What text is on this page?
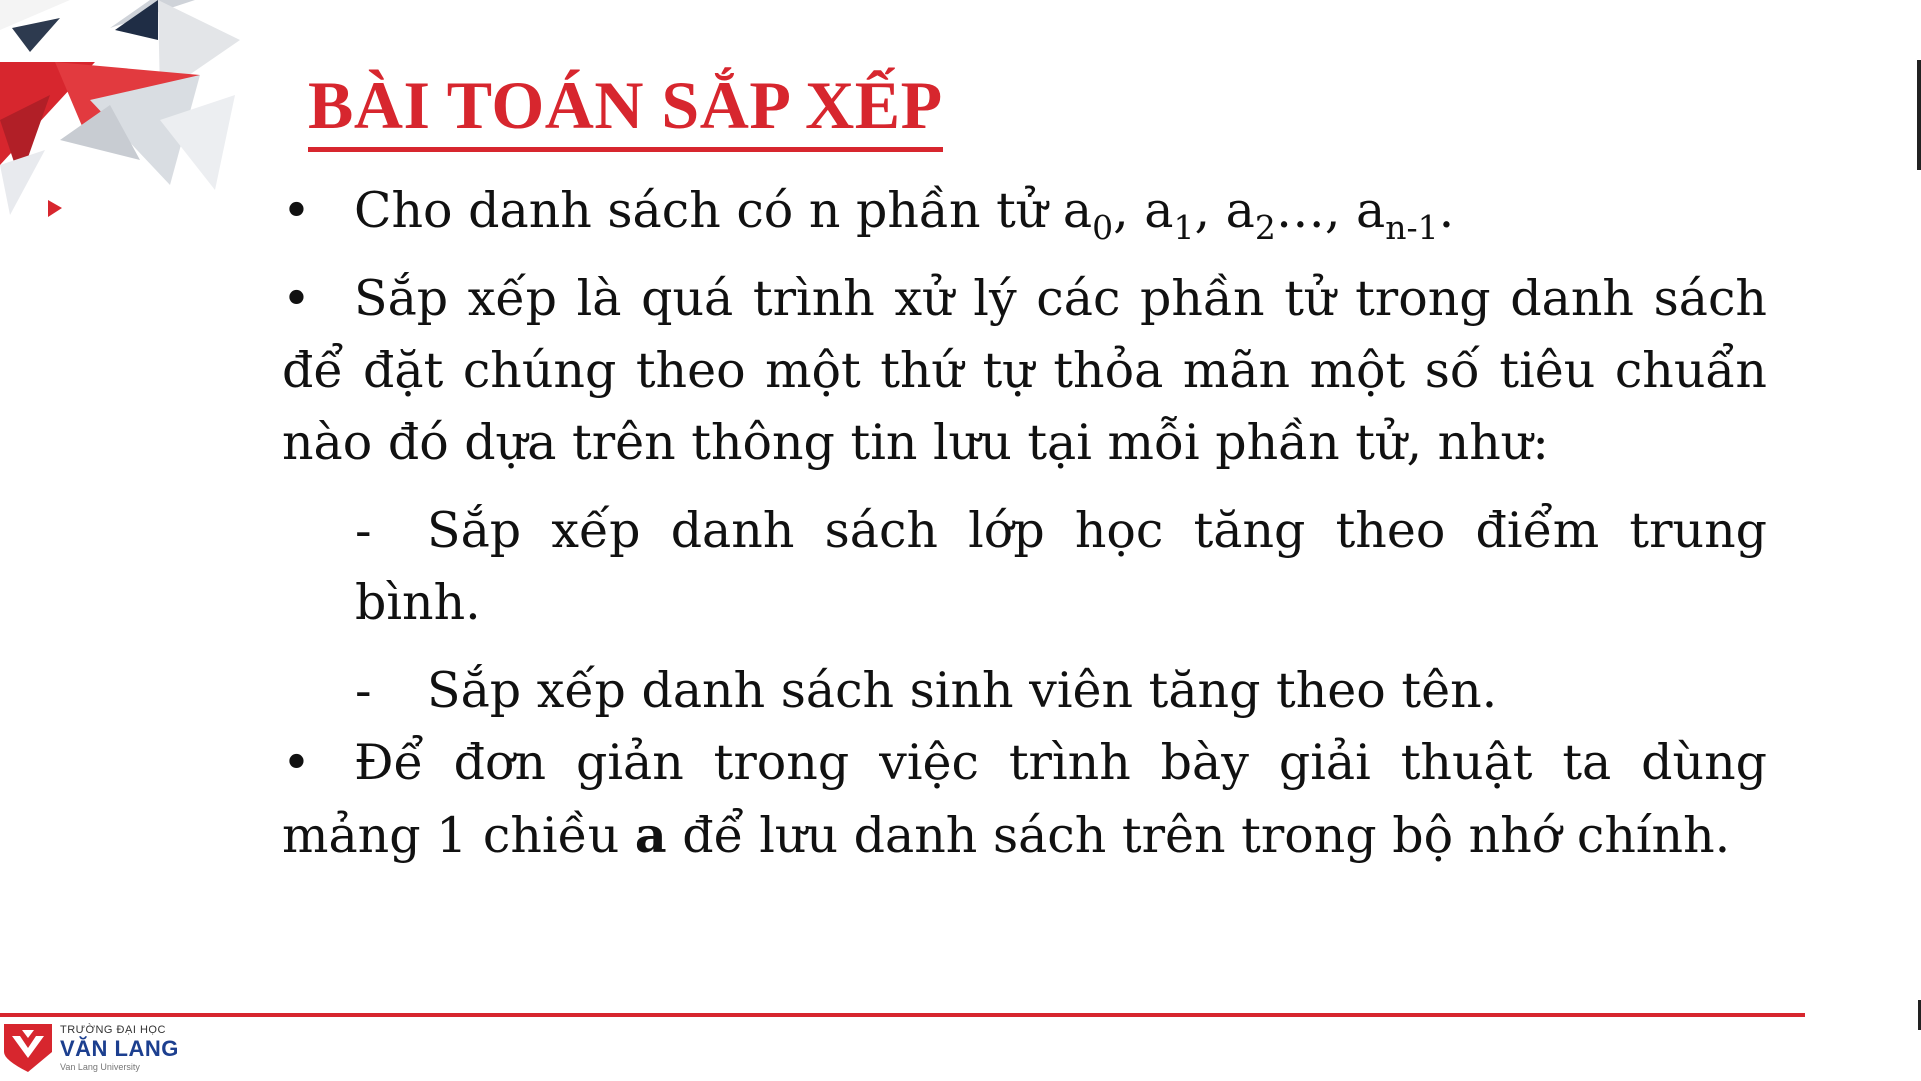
BÀI TOÁN SẮP XẾP

• Cho danh sách có n phần tử $a_0$, $a_1$, $a_2\dots$, $a_{n-1}$.

• Sắp xếp là quá trình xử lý các phần tử trong danh sách để đặt chúng theo một thứ tự thỏa mãn một số tiêu chuẩn nào đó dựa trên thông tin lưu tại mỗi phần tử, như:

- Sắp xếp danh sách lớp học tăng theo điểm trung bình.

- Sắp xếp danh sách sinh viên tăng theo tên.

• Để đơn giản trong việc trình bày giải thuật ta dùng mảng 1 chiều a để lưu danh sách trên trong bộ nhớ chính.

TRƯỜNG ĐẠI HỌC
VĂN LANG
Van Lang University
